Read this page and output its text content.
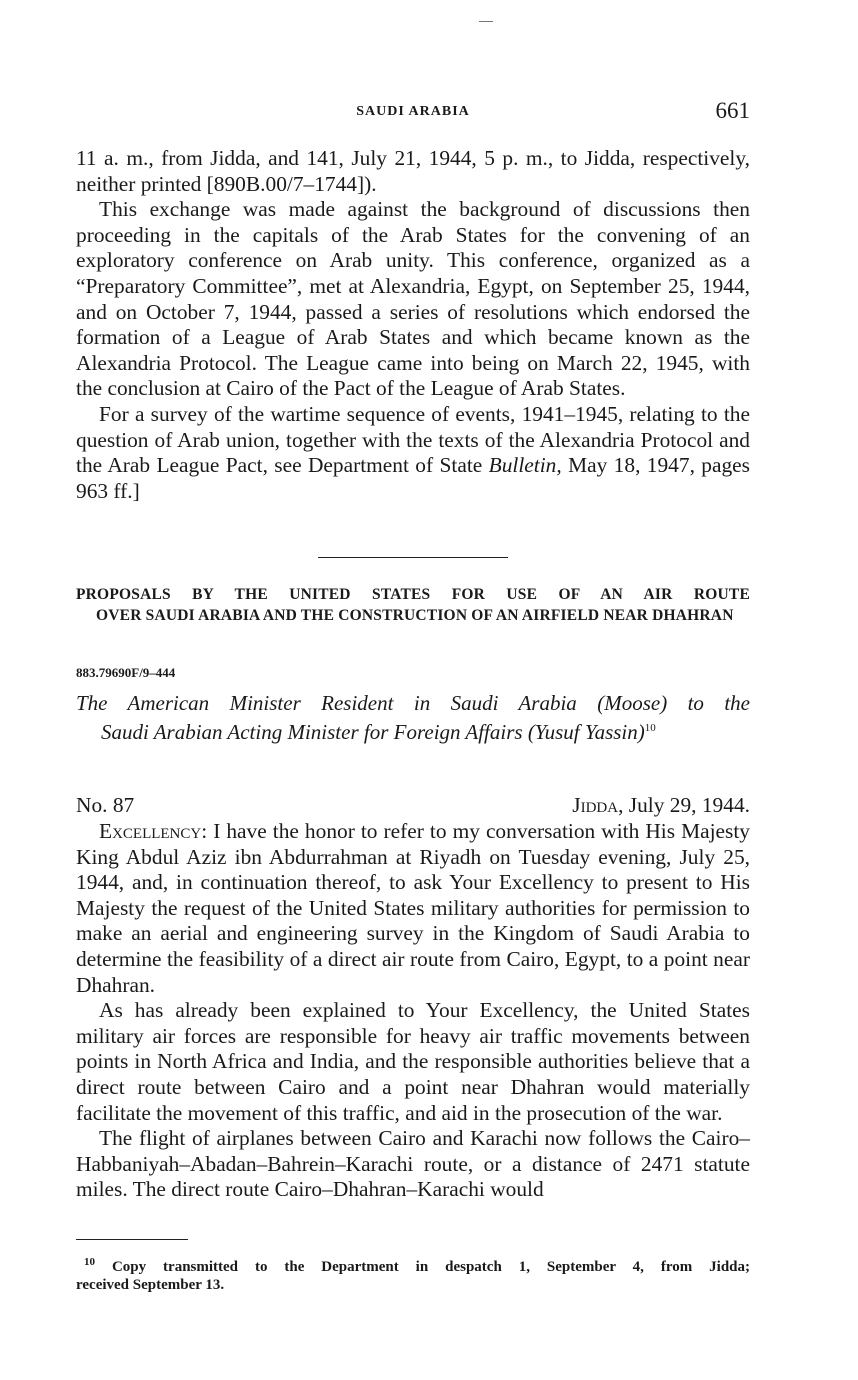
SAUDI ARABIA	661

11 a. m., from Jidda, and 141, July 21, 1944, 5 p. m., to Jidda, respectively, neither printed [890B.00/7–1744]).

This exchange was made against the background of discussions then proceeding in the capitals of the Arab States for the convening of an exploratory conference on Arab unity. This conference, organized as a “Preparatory Committee”, met at Alexandria, Egypt, on September 25, 1944, and on October 7, 1944, passed a series of resolutions which endorsed the formation of a League of Arab States and which became known as the Alexandria Protocol. The League came into being on March 22, 1945, with the conclusion at Cairo of the Pact of the League of Arab States.

For a survey of the wartime sequence of events, 1941–1945, relating to the question of Arab union, together with the texts of the Alexandria Protocol and the Arab League Pact, see Department of State Bulletin, May 18, 1947, pages 963 ff.]

PROPOSALS BY THE UNITED STATES FOR USE OF AN AIR ROUTE
OVER SAUDI ARABIA AND THE CONSTRUCTION OF AN AIRFIELD NEAR DHAHRAN
883.79690F/9–444
The American Minister Resident in Saudi Arabia (Moose) to the
Saudi Arabian Acting Minister for Foreign Affairs (Yusuf Yassin)$^{10}$
No. 87	Jidda, July 29, 1944.

Excellency: I have the honor to refer to my conversation with His Majesty King Abdul Aziz ibn Abdurrahman at Riyadh on Tuesday evening, July 25, 1944, and, in continuation thereof, to ask Your Excellency to present to His Majesty the request of the United States military authorities for permission to make an aerial and engineering survey in the Kingdom of Saudi Arabia to determine the feasibility of a direct air route from Cairo, Egypt, to a point near Dhahran.

As has already been explained to Your Excellency, the United States military air forces are responsible for heavy air traffic movements between points in North Africa and India, and the responsible authorities believe that a direct route between Cairo and a point near Dhahran would materially facilitate the movement of this traffic, and aid in the prosecution of the war.

The flight of airplanes between Cairo and Karachi now follows the Cairo–Habbaniyah–Abadan–Bahrein–Karachi route, or a distance of 2471 statute miles. The direct route Cairo–Dhahran–Karachi would

$^{10}$ Copy transmitted to the Department in despatch 1, September 4, from Jidda;
received September 13.
